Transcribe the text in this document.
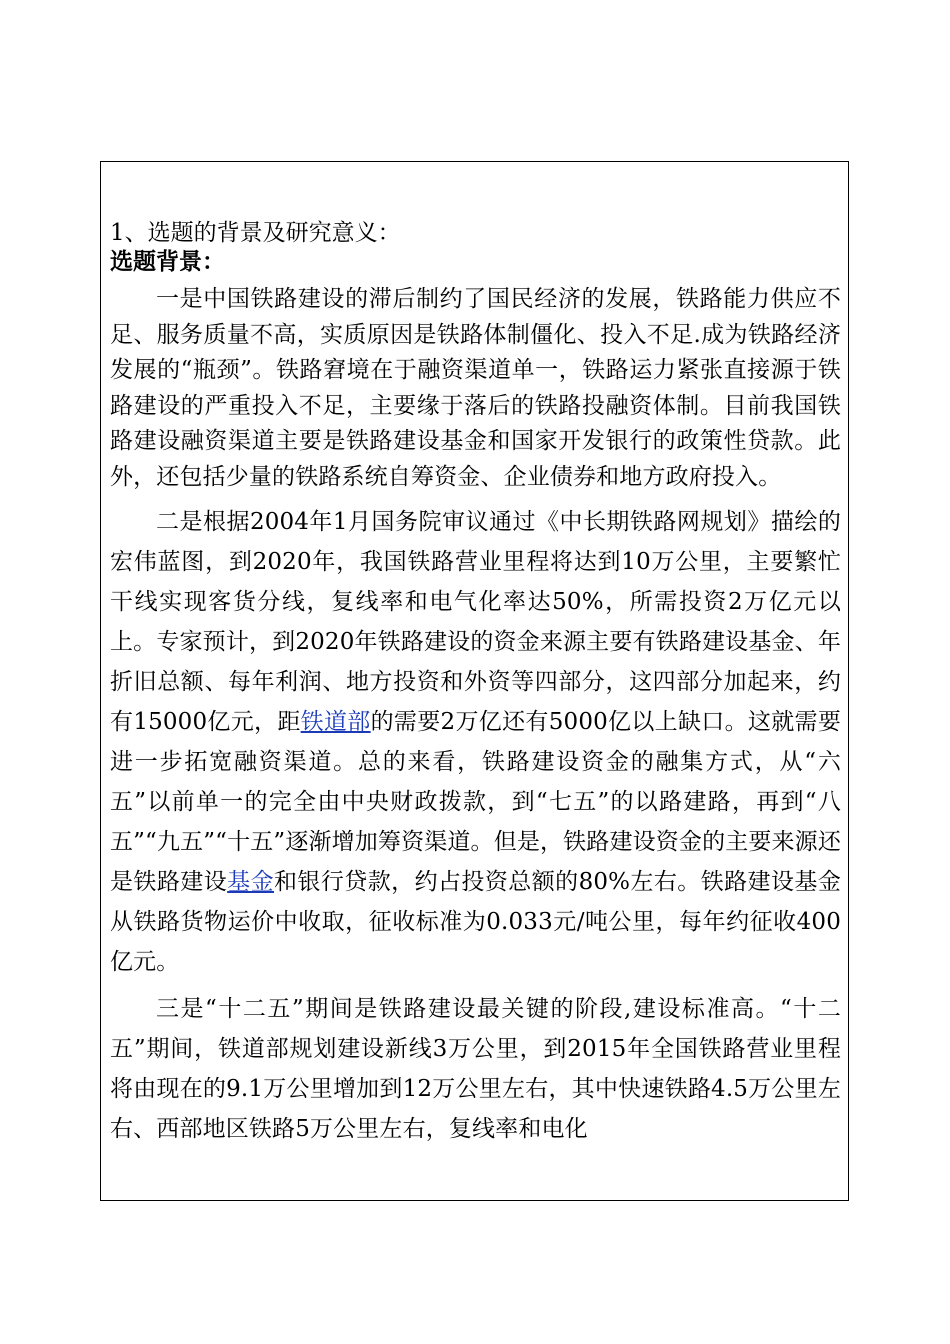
1、选题的背景及研究意义：

选题背景：

一是中国铁路建设的滞后制约了国民经济的发展，铁路能力供应不足、服务质量不高，实质原因是铁路体制僵化、投入不足.成为铁路经济发展的“瓶颈”。铁路窘境在于融资渠道单一，铁路运力紧张直接源于铁路建设的严重投入不足，主要缘于落后的铁路投融资体制。目前我国铁路建设融资渠道主要是铁路建设基金和国家开发银行的政策性贷款。此外，还包括少量的铁路系统自筹资金、企业债券和地方政府投入。

二是根据2004年1月国务院审议通过《中长期铁路网规划》描绘的宏伟蓝图，到2020年，我国铁路营业里程将达到10万公里，主要繁忙干线实现客货分线，复线率和电气化率达50%，所需投资2万亿元以上。专家预计，到2020年铁路建设的资金来源主要有铁路建设基金、年折旧总额、每年利润、地方投资和外资等四部分，这四部分加起来，约有15000亿元，距铁道部的需要2万亿还有5000亿以上缺口。这就需要进一步拓宽融资渠道。总的来看，铁路建设资金的融集方式，从“六五”以前单一的完全由中央财政拨款，到“七五”的以路建路，再到“八五”“九五”“十五”逐渐增加筹资渠道。但是，铁路建设资金的主要来源还是铁路建设基金和银行贷款，约占投资总额的80%左右。铁路建设基金从铁路货物运价中收取，征收标准为0.033元/吨公里，每年约征收400亿元。

三是“十二五”期间是铁路建设最关键的阶段,建设标准高。“十二五”期间，铁道部规划建设新线3万公里，到2015年全国铁路营业里程将由现在的9.1万公里增加到12万公里左右，其中快速铁路4.5万公里左右、西部地区铁路5万公里左右，复线率和电化
